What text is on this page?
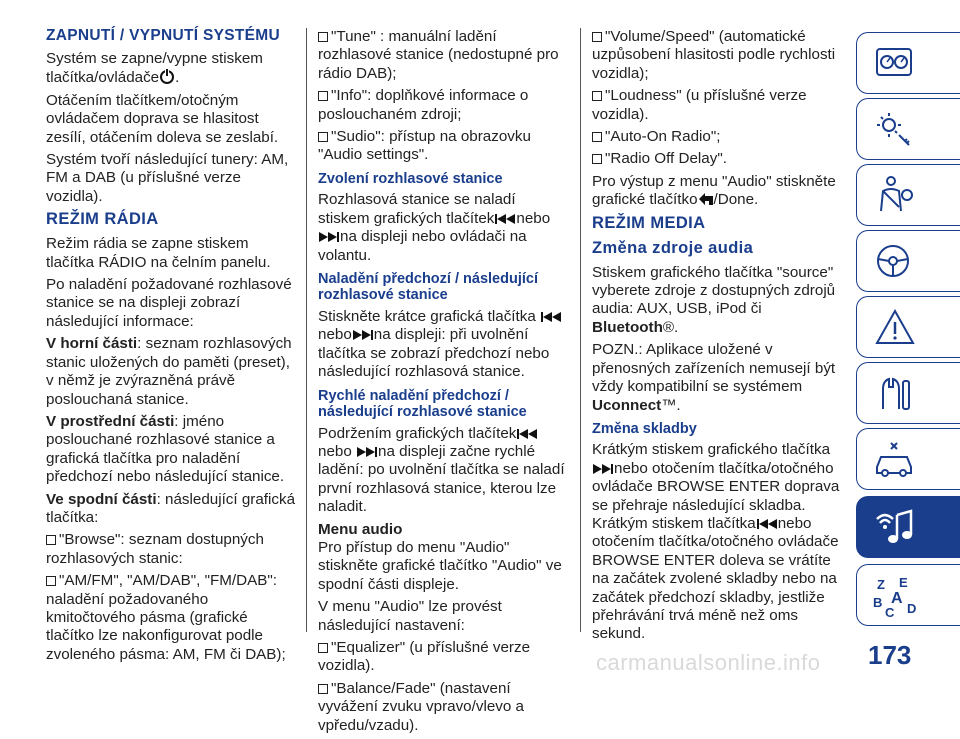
ZAPNUTÍ / VYPNUTÍ SYSTÉMU

Systém se zapne/vypne stiskem tlačítka/ovládače .

Otáčením tlačítkem/otočným ovládačem doprava se hlasitost zesílí, otáčením doleva se zeslabí.

Systém tvoří následující tunery: AM, FM a DAB (u příslušné verze vozidla).

REŽIM RÁDIA

Režim rádia se zapne stiskem tlačítka RÁDIO na čelním panelu.

Po naladění požadované rozhlasové stanice se na displeji zobrazí následující informace:

V horní části: seznam rozhlasových stanic uložených do paměti (preset), v němž je zvýrazněná právě poslouchaná stanice.

V prostřední části: jméno poslouchané rozhlasové stanice a grafická tlačítka pro naladění předchozí nebo následující stanice.

Ve spodní části: následující grafická tlačítka:

"Browse": seznam dostupných rozhlasových stanic:

"AM/FM", "AM/DAB", "FM/DAB": naladění požadovaného kmitočtového pásma (grafické tlačítko lze nakonfigurovat podle zvoleného pásma: AM, FM či DAB);

"Tune" : manuální ladění rozhlasové stanice (nedostupné pro rádio DAB);

"Info": doplňkové informace o poslouchaném zdroji;

"Sudio": přístup na obrazovku "Audio settings".

Zvolení rozhlasové stanice

Rozhlasová stanice se naladí stiskem grafických tlačítek nebona displeji nebo ovládači na volantu.

Naladění předchozí / následující rozhlasové stanice

Stiskněte krátce grafická tlačítka nebo na displeji: při uvolnění tlačítka se zobrazí předchozí nebo následující rozhlasová stanice.

Rychlé naladění předchozí / následující rozhlasové stanice

Podržením grafických tlačíteknebo na displeji začne rychlé ladění: po uvolnění tlačítka se naladí první rozhlasová stanice, kterou lze naladit.

Menu audio

Pro přístup do menu "Audio" stiskněte grafické tlačítko "Audio" ve spodní části displeje.

V menu "Audio" lze provést následující nastavení:

"Equalizer" (u příslušné verze vozidla).

"Balance/Fade" (nastavení vyvážení zvuku vpravo/vlevo a vpředu/vzadu).

"Volume/Speed" (automatické uzpůsobení hlasitosti podle rychlosti vozidla);

"Loudness" (u příslušné verze vozidla).

"Auto-On Radio";

"Radio Off Delay".

Pro výstup z menu "Audio" stiskněte grafické tlačítko /Done.

REŽIM MEDIA
Změna zdroje audia

Stiskem grafického tlačítka "source" vyberete zdroje z dostupných zdrojů audia: AUX, USB, iPod či Bluetooth®.

POZN.: Aplikace uložené v přenosných zařízeních nemusejí být vždy kompatibilní se systémem Uconnect™.

Změna skladby

Krátkým stiskem grafického tlačítka nebo otočením tlačítka/otočného ovládače BROWSE ENTER doprava se přehraje následující skladba. Krátkým stiskem tlačítka nebo otočením tlačítka/otočného ovládače BROWSE ENTER doleva se vrátíte na začátek zvolené skladby nebo na začátek předchozí skladby, jestliže přehrávání trvá méně než oms sekund.

Z E
B A
C D
173
carmanualsonline.info
